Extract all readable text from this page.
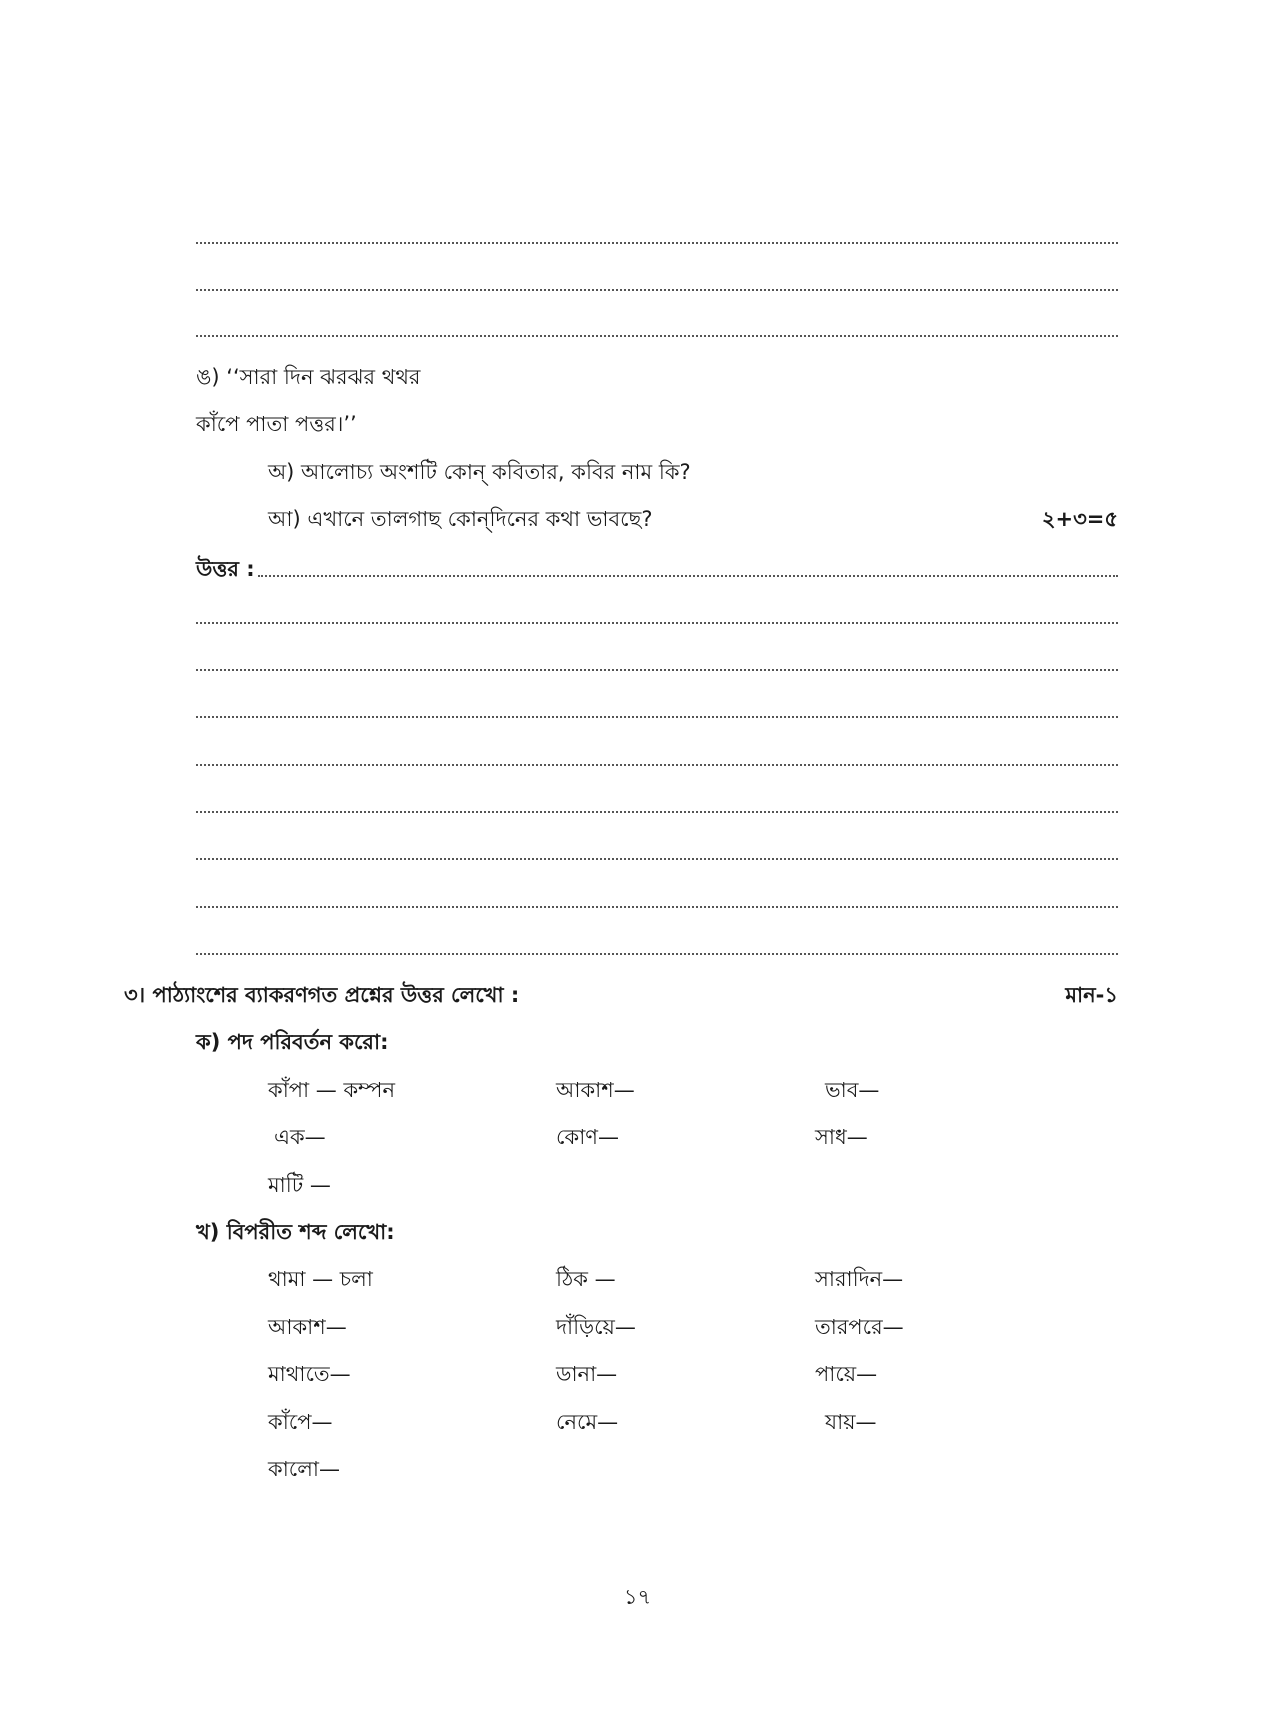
ঙ) ‘‘সারা দিন ঝরঝর থথর
কাঁপে পাতা পত্তর।’’
অ) আলোচ্য অংশটি কোন্ কবিতার, কবির নাম কি?
আ) এখানে তালগাছ কোন্‌দিনের কথা ভাবছে?	২+৩=৫
উত্তর :
৩। পাঠ্যাংশের ব্যাকরণগত প্রশ্নের উত্তর লেখো :	মান-১
ক) পদ পরিবর্তন করো:
কাঁপা — কম্পন	আকাশ—	ভাব—
এক—	কোণ—	সাধ—
মাটি —
খ) বিপরীত শব্দ লেখো:
থামা — চলা	ঠিক —	সারাদিন—
আকাশ—	দাঁড়িয়ে—	তারপরে—
মাথাতে—	ডানা—	পায়ে—
কাঁপে—	নেমে—	যায়—
কালো—
১৭
